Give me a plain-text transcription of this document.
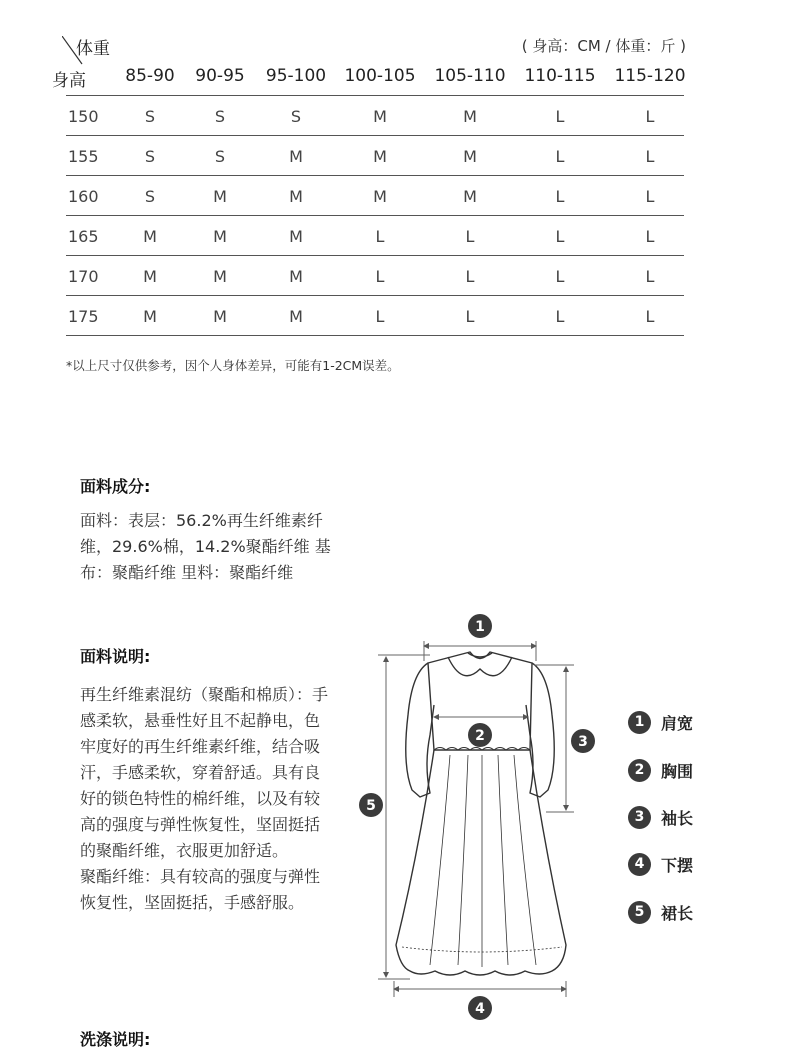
体重
身高
( 身高：CM / 体重：斤 )
85-90 90-95 95-100 100-105 105-110 110-115 115-120
150	S	S	S	M	M	L	L
155	S	S	M	M	M	L	L
160	S	M	M	M	M	L	L
165	M	M	M	L	L	L	L
170	M	M	M	L	L	L	L
175	M	M	M	L	L	L	L
*以上尺寸仅供参考，因个人身体差异，可能有1-2CM误差。
面料成分:
面料：表层：56.2%再生纤维素纤维，29.6%棉，14.2%聚酯纤维 基布：聚酯纤维 里料：聚酯纤维
面料说明:
再生纤维素混纺（聚酯和棉质）：手感柔软，悬垂性好且不起静电，色牢度好的再生纤维素纤维，结合吸汗，手感柔软，穿着舒适。具有良好的锁色特性的棉纤维，以及有较高的强度与弹性恢复性，坚固挺括的聚酯纤维，衣服更加舒适。
聚酯纤维：具有较高的强度与弹性恢复性，坚固挺括，手感舒服。
洗涤说明:
1
2	3
4
5
1	肩宽
2	胸围
3	袖长
4	下摆
5	裙长
